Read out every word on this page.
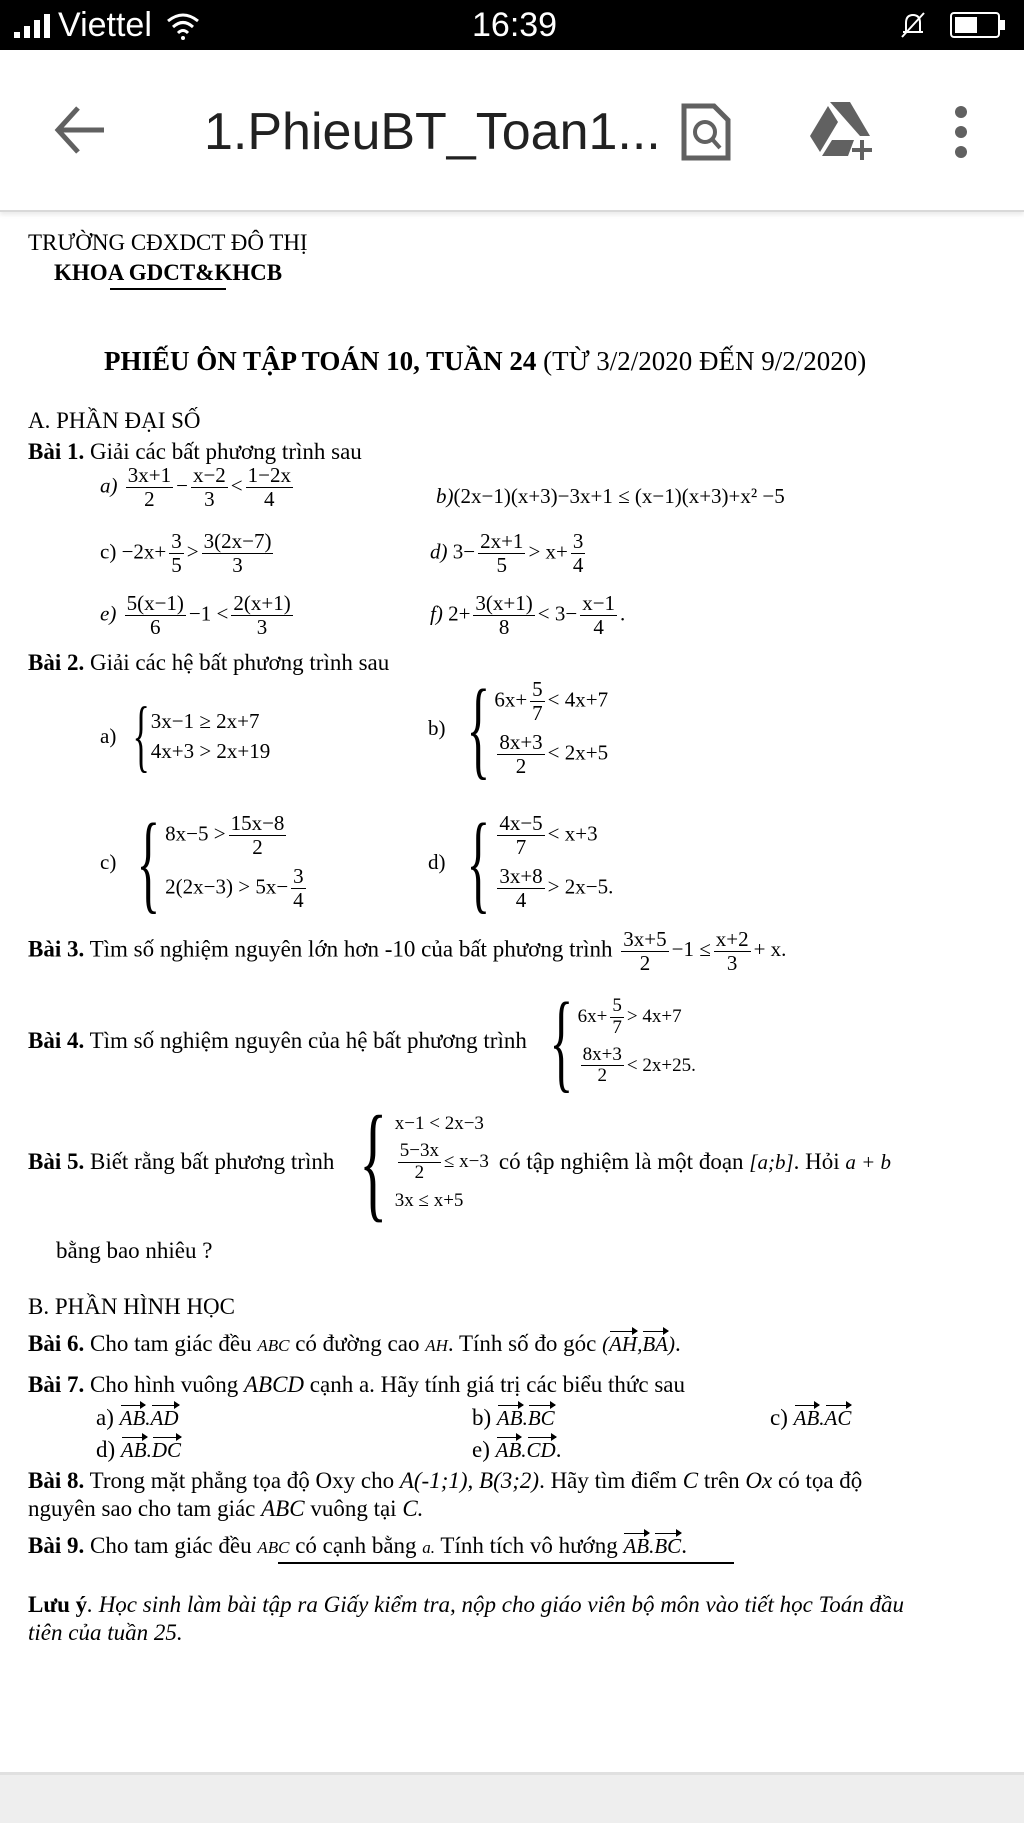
Viettel	16:39
1.PhieuBT_Toan1...
TRƯỜNG CĐXDCT ĐÔ THỊ
KHOA GDCT&KHCB
PHIẾU ÔN TẬP TOÁN 10, TUẦN 24 (TỪ 3/2/2020 ĐẾN 9/2/2020)
A. PHẦN ĐẠI SỐ
Bài 1. Giải các bất phương trình sau
$a) \frac{3x+1}{2} - \frac{x-2}{3} < \frac{1-2x}{4}$	b)(2x−1)(x+3)−3x+1 ≤ (x−1)(x+3)+x² −5
$c) -2x+ \frac{3}{5} > \frac{3(2x-7)}{3}$	d) $3- \frac{2x+1}{5} > x+ \frac{3}{4}$
$e) \frac{5(x-1)}{6} -1 < \frac{2(x+1)}{3}$	f) $2+ \frac{3(x+1)}{8} < 3- \frac{x-1}{4}$ .
Bài 2. Giải các hệ bất phương trình sau
a) { 3x−1 ≥ 2x+7
4x+3 > 2x+19
b) { $6x+ \frac{5}{7} < 4x+7$
$\frac{8x+3}{2} < 2x+5$
c) { $8x-5 > \frac{15x-8}{2}$
$2(2x-3) > 5x- \frac{3}{4}$
d) { $\frac{4x-5}{7} < x+3$
$\frac{3x+8}{4} > 2x-5$.
Bài 3. Tìm số nghiệm nguyên lớn hơn -10 của bất phương trình $\frac{3x+5}{2} -1 \le \frac{x+2}{3} + x$.
Bài 4. Tìm số nghiệm nguyên của hệ bất phương trình { $6x+ \frac{5}{7} > 4x+7$
$\frac{8x+3}{2} < 2x+25$.
Bài 5. Biết rằng bất phương trình { x−1 < 2x−3
$\frac{5-3x}{2} \le x-3$
3x ≤ x+5
có tập nghiệm là một đoạn [a;b]. Hỏi a + b
bằng bao nhiêu ?
B. PHẦN HÌNH HỌC
Bài 6. Cho tam giác đều ABC có đường cao AH. Tính số đo góc (AH,BA).
Bài 7. Cho hình vuông ABCD cạnh a. Hãy tính giá trị các biểu thức sau
a) AB.AD	b) AB.BC	c) AB.AC
d) AB.DC	e) AB.CD.
Bài 8. Trong mặt phẳng tọa độ Oxy cho A(-1;1), B(3;2). Hãy tìm điểm C trên Ox có tọa độ
nguyên sao cho tam giác ABC vuông tại C.
Bài 9. Cho tam giác đều ABC có cạnh bằng a. Tính tích vô hướng AB.BC.
Lưu ý. Học sinh làm bài tập ra Giấy kiểm tra, nộp cho giáo viên bộ môn vào tiết học Toán đầu
tiên của tuần 25.
